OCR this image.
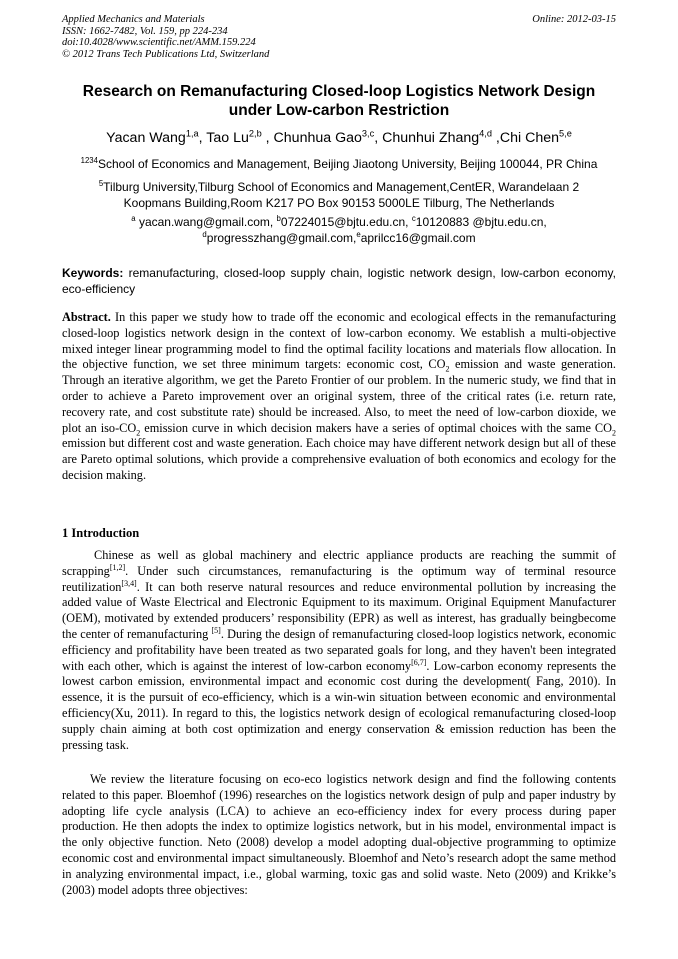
Applied Mechanics and Materials
ISSN: 1662-7482, Vol. 159, pp 224-234
doi:10.4028/www.scientific.net/AMM.159.224
© 2012 Trans Tech Publications Ltd, Switzerland
Online: 2012-03-15
Research on Remanufacturing Closed-loop Logistics Network Design
under Low-carbon Restriction
Yacan Wang$^{1,a}$, Tao Lu$^{2,b}$ , Chunhua Gao$^{3,c}$, Chunhui Zhang$^{4,d}$ ,Chi Chen$^{5,e}$
$^{1234}$School of Economics and Management, Beijing Jiaotong University, Beijing 100044, PR China
$^5$Tilburg University,Tilburg School of Economics and Management,CentER, Warandelaan 2
Koopmans Building,Room K217 PO Box 90153 5000LE Tilburg, The Netherlands
$^a$ yacan.wang@gmail.com, $^b$07224015@bjtu.edu.cn, $^c$10120883 @bjtu.edu.cn,
$^d$progresszhang@gmail.com,$^e$aprilcc16@gmail.com
Keywords: remanufacturing, closed-loop supply chain, logistic network design, low-carbon economy, eco-efficiency
Abstract. In this paper we study how to trade off the economic and ecological effects in the remanufacturing closed-loop logistics network design in the context of low-carbon economy. We establish a multi-objective mixed integer linear programming model to find the optimal facility locations and materials flow allocation. In the objective function, we set three minimum targets: economic cost, $CO_2$ emission and waste generation. Through an iterative algorithm, we get the Pareto Frontier of our problem. In the numeric study, we find that in order to achieve a Pareto improvement over an original system, three of the critical rates (i.e. return rate, recovery rate, and cost substitute rate) should be increased. Also, to meet the need of low-carbon dioxide, we plot an iso-$CO_2$ emission curve in which decision makers have a series of optimal choices with the same $CO_2$ emission but different cost and waste generation. Each choice may have different network design but all of these are Pareto optimal solutions, which provide a comprehensive evaluation of both economics and ecology for the decision making.
1 Introduction
Chinese as well as global machinery and electric appliance products are reaching the summit of scrapping[1,2]. Under such circumstances, remanufacturing is the optimum way of terminal resource reutilization[3,4]. It can both reserve natural resources and reduce environmental pollution by increasing the added value of Waste Electrical and Electronic Equipment to its maximum. Original Equipment Manufacturer (OEM), motivated by extended producers’ responsibility (EPR) as well as interest, has gradually beingbecome the center of remanufacturing [5]. During the design of remanufacturing closed-loop logistics network, economic efficiency and profitability have been treated as two separated goals for long, and they haven't been integrated with each other, which is against the interest of low-carbon economy[6,7]. Low-carbon economy represents the lowest carbon emission, environmental impact and economic cost during the development( Fang, 2010). In essence, it is the pursuit of eco-efficiency, which is a win-win situation between economic and environmental efficiency(Xu, 2011). In regard to this, the logistics network design of ecological remanufacturing closed-loop supply chain aiming at both cost optimization and energy conservation & emission reduction has been the pressing task.
We review the literature focusing on eco-eco logistics network design and find the following contents related to this paper. Bloemhof (1996) researches on the logistics network design of pulp and paper industry by adopting life cycle analysis (LCA) to achieve an eco-efficiency index for every process during paper production. He then adopts the index to optimize logistics network, but in his model, environmental impact is the only objective function. Neto (2008) develop a model adopting dual-objective programming to optimize economic cost and environmental impact simultaneously. Bloemhof and Neto’s research adopt the same method in analyzing environmental impact, i.e., global warming, toxic gas and solid waste. Neto (2009) and Krikke’s (2003) model adopts three objectives:
